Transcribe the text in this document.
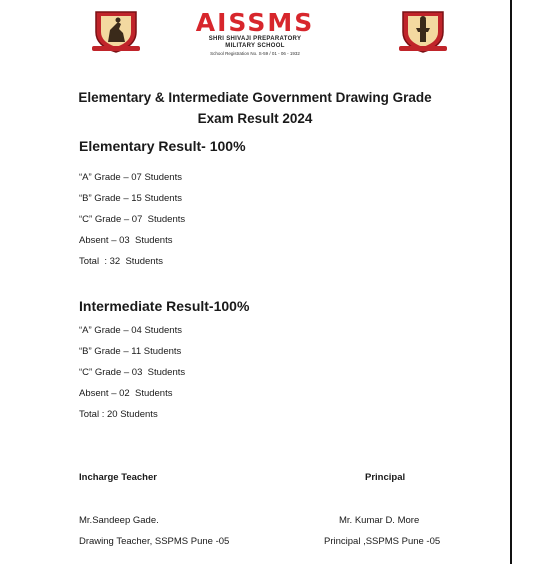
AISSMS
SHRI SHIVAJI PREPARATORY
MILITARY SCHOOL
School Registration No. S-59 / 01 - 06 - 1932
Elementary & Intermediate Government Drawing Grade
Exam Result 2024
Elementary Result- 100%
“A” Grade – 07 Students
“B” Grade – 15 Students
“C” Grade – 07  Students
Absent – 03  Students
Total  : 32  Students
Intermediate Result-100%
“A” Grade – 04 Students
“B” Grade – 11 Students
“C” Grade – 03  Students
Absent – 02  Students
Total : 20 Students
Incharge Teacher	Principal
Mr.Sandeep Gade.	Mr. Kumar D. More
Drawing Teacher, SSPMS Pune -05	Principal ,SSPMS Pune -05
